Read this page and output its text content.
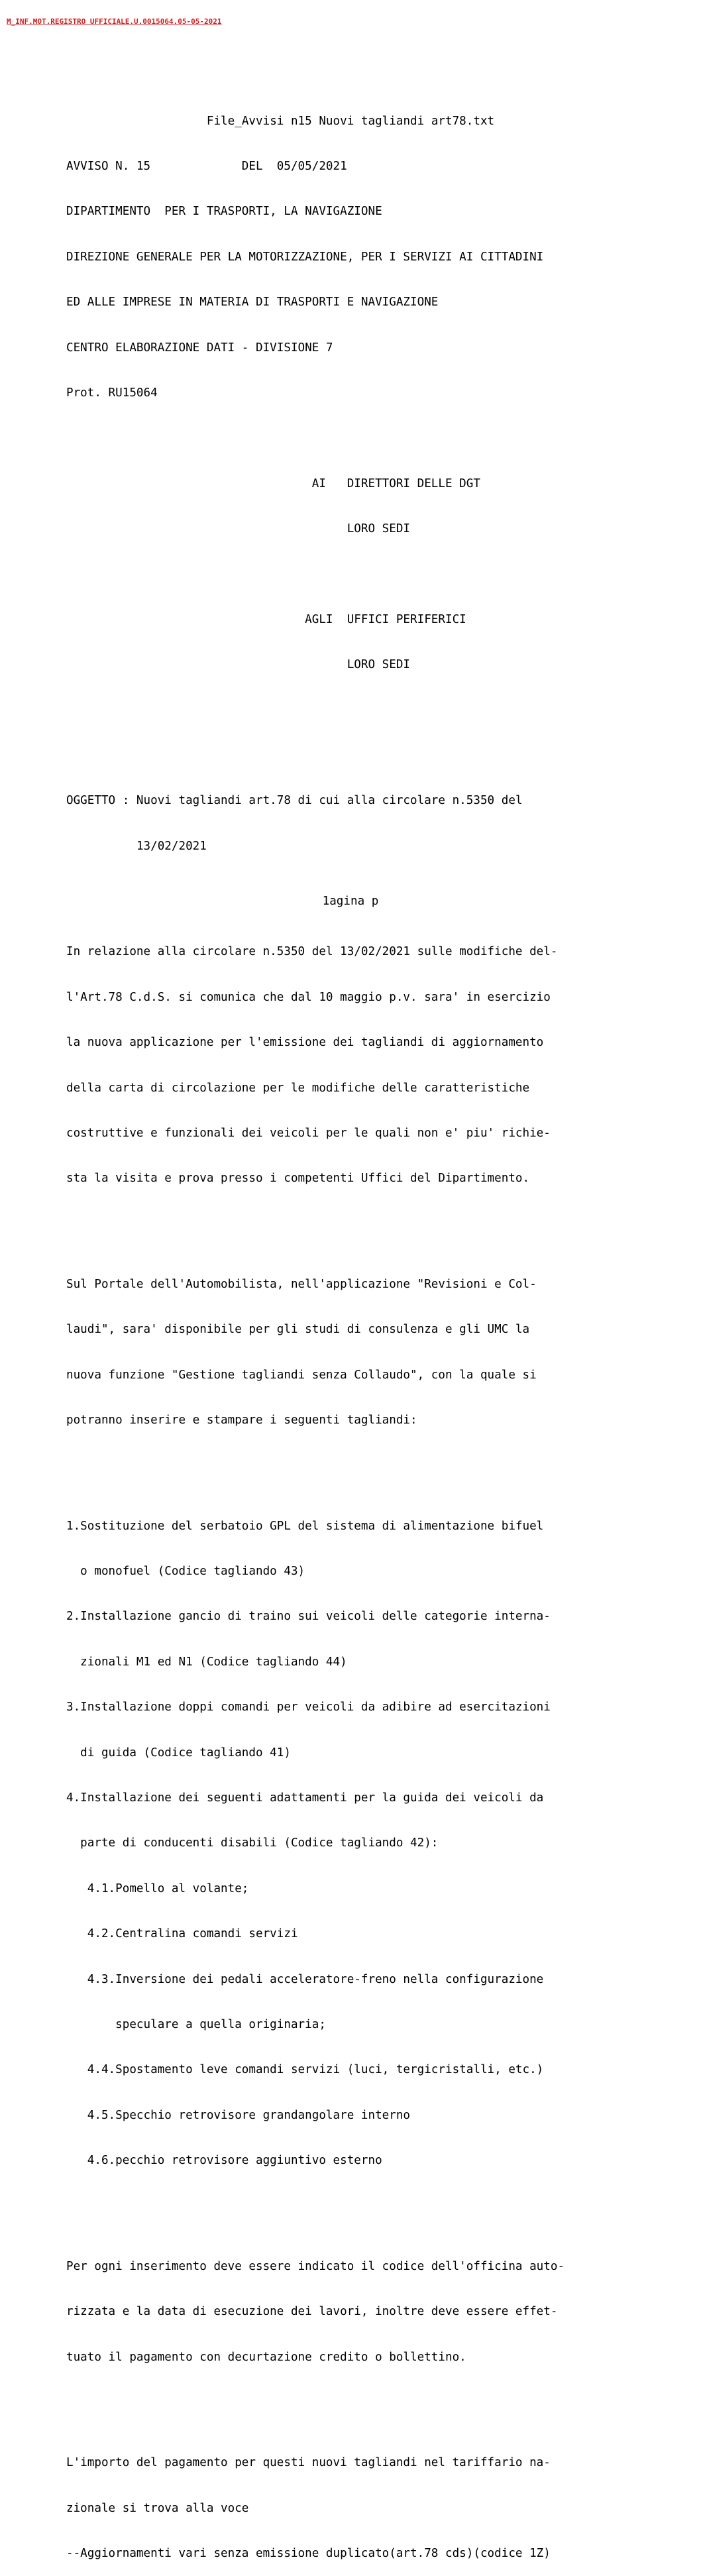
M_INF.MOT.REGISTRO UFFICIALE.U.0015064.05-05-2021

File_Avvisi n15 Nuovi tagliandi art78.txt

AVVISO N. 15             DEL  05/05/2021

DIPARTIMENTO  PER I TRASPORTI, LA NAVIGAZIONE

DIREZIONE GENERALE PER LA MOTORIZZAZIONE, PER I SERVIZI AI CITTADINI

ED ALLE IMPRESE IN MATERIA DI TRASPORTI E NAVIGAZIONE

CENTRO ELABORAZIONE DATI - DIVISIONE 7

Prot. RU15064

AI   DIRETTORI DELLE DGT

LORO SEDI

AGLI  UFFICI PERIFERICI

LORO SEDI

OGGETTO : Nuovi tagliandi art.78 di cui alla circolare n.5350 del

13/02/2021

In relazione alla circolare n.5350 del 13/02/2021 sulle modifiche del-

l'Art.78 C.d.S. si comunica che dal 10 maggio p.v. sara' in esercizio

la nuova applicazione per l'emissione dei tagliandi di aggiornamento

della carta di circolazione per le modifiche delle caratteristiche

costruttive e funzionali dei veicoli per le quali non e' piu' richie-

sta la visita e prova presso i competenti Uffici del Dipartimento.

Sul Portale dell'Automobilista, nell'applicazione "Revisioni e Col-

laudi", sara' disponibile per gli studi di consulenza e gli UMC la

nuova funzione "Gestione tagliandi senza Collaudo", con la quale si

potranno inserire e stampare i seguenti tagliandi:

1.Sostituzione del serbatoio GPL del sistema di alimentazione bifuel

o monofuel (Codice tagliando 43)

2.Installazione gancio di traino sui veicoli delle categorie interna-

zionali M1 ed N1 (Codice tagliando 44)

3.Installazione doppi comandi per veicoli da adibire ad esercitazioni

di guida (Codice tagliando 41)

4.Installazione dei seguenti adattamenti per la guida dei veicoli da

parte di conducenti disabili (Codice tagliando 42):

4.1.Pomello al volante;

4.2.Centralina comandi servizi

4.3.Inversione dei pedali acceleratore-freno nella configurazione

speculare a quella originaria;

4.4.Spostamento leve comandi servizi (luci, tergicristalli, etc.)

4.5.Specchio retrovisore grandangolare interno

4.6.pecchio retrovisore aggiuntivo esterno

Per ogni inserimento deve essere indicato il codice dell'officina auto-

rizzata e la data di esecuzione dei lavori, inoltre deve essere effet-

tuato il pagamento con decurtazione credito o bollettino.

L'importo del pagamento per questi nuovi tagliandi nel tariffario na-

zionale si trova alla voce

--Aggiornamenti vari senza emissione duplicato(art.78 cds)(codice 1Z)

1agina p
